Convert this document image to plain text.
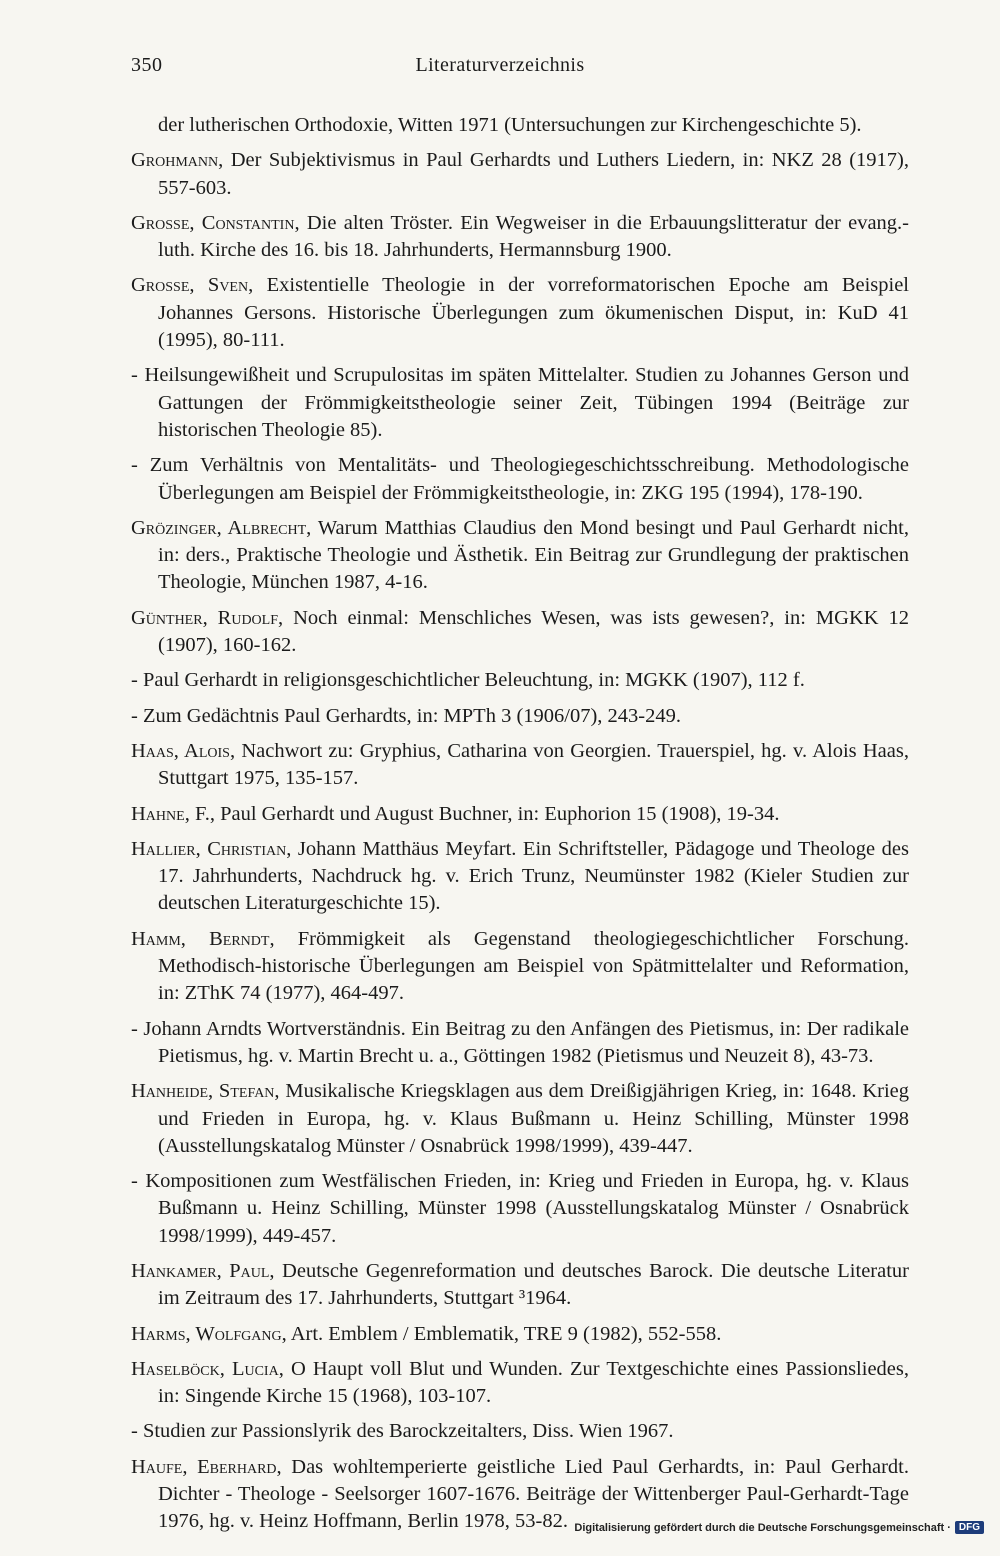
350	Literaturverzeichnis

der lutherischen Orthodoxie, Witten 1971 (Untersuchungen zur Kirchengeschichte 5).

Grohmann, Der Subjektivismus in Paul Gerhardts und Luthers Liedern, in: NKZ 28 (1917), 557-603.

Grosse, Constantin, Die alten Tröster. Ein Wegweiser in die Erbauungslitteratur der evang.-luth. Kirche des 16. bis 18. Jahrhunderts, Hermannsburg 1900.

Grosse, Sven, Existentielle Theologie in der vorreformatorischen Epoche am Beispiel Johannes Gersons. Historische Überlegungen zum ökumenischen Disput, in: KuD 41 (1995), 80-111.

- Heilsungewißheit und Scrupulositas im späten Mittelalter. Studien zu Johannes Gerson und Gattungen der Frömmigkeitstheologie seiner Zeit, Tübingen 1994 (Beiträge zur historischen Theologie 85).

- Zum Verhältnis von Mentalitäts- und Theologiegeschichtsschreibung. Methodologische Überlegungen am Beispiel der Frömmigkeitstheologie, in: ZKG 195 (1994), 178-190.

Grözinger, Albrecht, Warum Matthias Claudius den Mond besingt und Paul Gerhardt nicht, in: ders., Praktische Theologie und Ästhetik. Ein Beitrag zur Grundlegung der praktischen Theologie, München 1987, 4-16.

Günther, Rudolf, Noch einmal: Menschliches Wesen, was ists gewesen?, in: MGKK 12 (1907), 160-162.

- Paul Gerhardt in religionsgeschichtlicher Beleuchtung, in: MGKK (1907), 112 f.

- Zum Gedächtnis Paul Gerhardts, in: MPTh 3 (1906/07), 243-249.

Haas, Alois, Nachwort zu: Gryphius, Catharina von Georgien. Trauerspiel, hg. v. Alois Haas, Stuttgart 1975, 135-157.

Hahne, F., Paul Gerhardt und August Buchner, in: Euphorion 15 (1908), 19-34.

Hallier, Christian, Johann Matthäus Meyfart. Ein Schriftsteller, Pädagoge und Theologe des 17. Jahrhunderts, Nachdruck hg. v. Erich Trunz, Neumünster 1982 (Kieler Studien zur deutschen Literaturgeschichte 15).

Hamm, Berndt, Frömmigkeit als Gegenstand theologiegeschichtlicher Forschung. Methodisch-historische Überlegungen am Beispiel von Spätmittelalter und Reformation, in: ZThK 74 (1977), 464-497.

- Johann Arndts Wortverständnis. Ein Beitrag zu den Anfängen des Pietismus, in: Der radikale Pietismus, hg. v. Martin Brecht u. a., Göttingen 1982 (Pietismus und Neuzeit 8), 43-73.

Hanheide, Stefan, Musikalische Kriegsklagen aus dem Dreißigjährigen Krieg, in: 1648. Krieg und Frieden in Europa, hg. v. Klaus Bußmann u. Heinz Schilling, Münster 1998 (Ausstellungskatalog Münster / Osnabrück 1998/1999), 439-447.

- Kompositionen zum Westfälischen Frieden, in: Krieg und Frieden in Europa, hg. v. Klaus Bußmann u. Heinz Schilling, Münster 1998 (Ausstellungskatalog Münster / Osnabrück 1998/1999), 449-457.

Hankamer, Paul, Deutsche Gegenreformation und deutsches Barock. Die deutsche Literatur im Zeitraum des 17. Jahrhunderts, Stuttgart ³1964.

Harms, Wolfgang, Art. Emblem / Emblematik, TRE 9 (1982), 552-558.

Haselböck, Lucia, O Haupt voll Blut und Wunden. Zur Textgeschichte eines Passionsliedes, in: Singende Kirche 15 (1968), 103-107.

- Studien zur Passionslyrik des Barockzeitalters, Diss. Wien 1967.

Haufe, Eberhard, Das wohltemperierte geistliche Lied Paul Gerhardts, in: Paul Gerhardt. Dichter - Theologe - Seelsorger 1607-1676. Beiträge der Wittenberger Paul-Gerhardt-Tage 1976, hg. v. Heinz Hoffmann, Berlin 1978, 53-82. Digitalisierung gefördert durch die Deutsche Forschungsgemeinschaft · DFG
